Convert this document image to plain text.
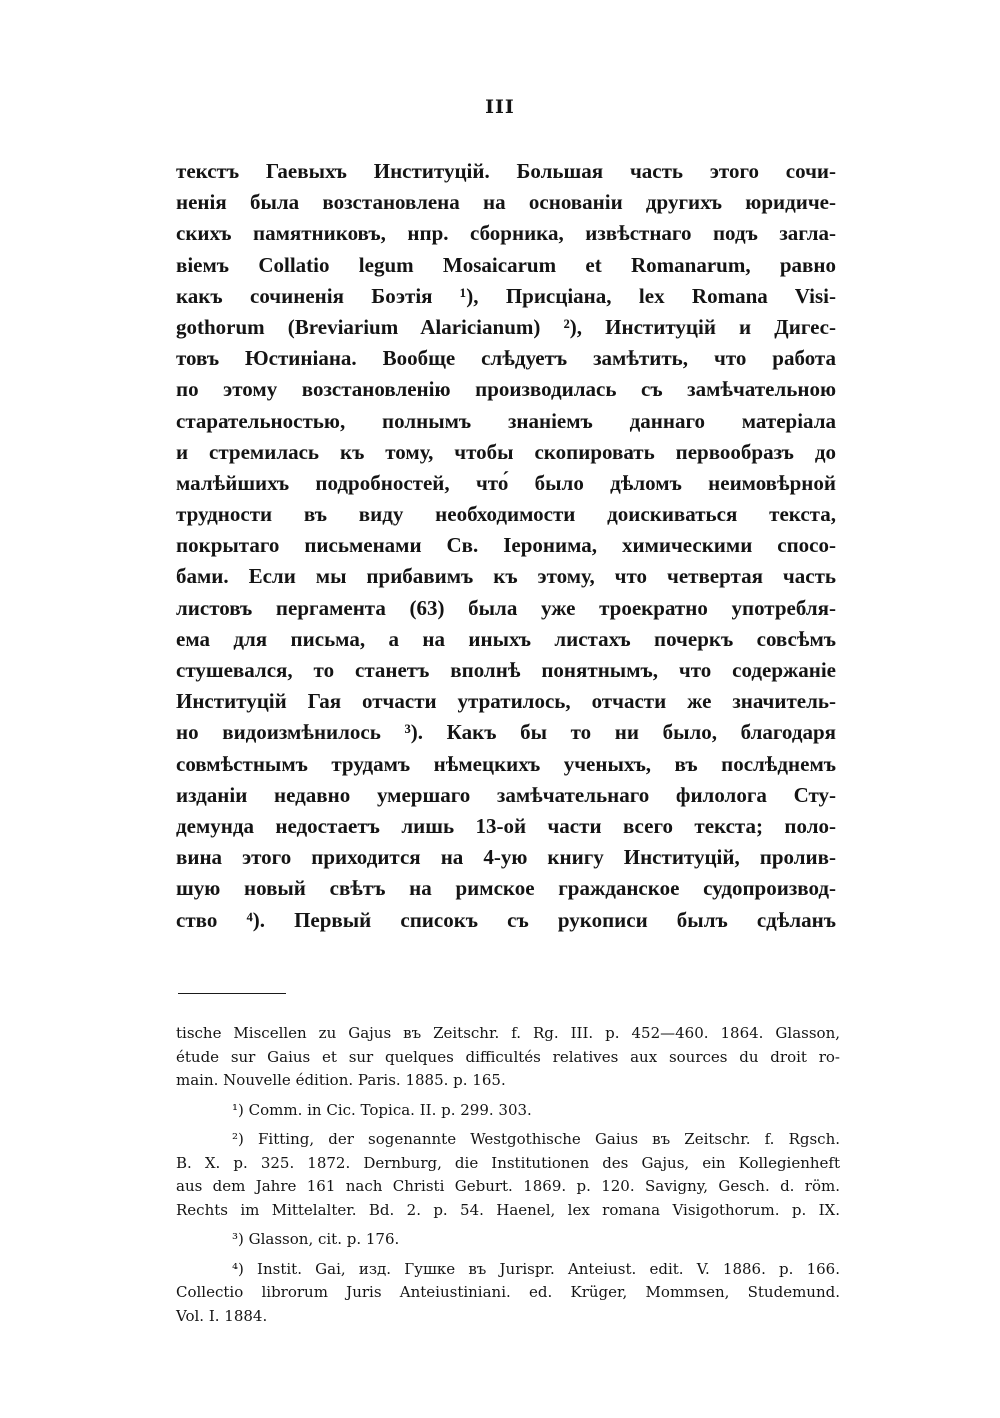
III
текстъ Гаевыхъ Институцій. Большая часть этого сочи-
ненія была возстановлена на основаніи другихъ юридиче-
скихъ памятниковъ, нпр. сборника, извѣстнаго подъ загла-
віемъ Collatio legum Mosaicarum et Romanarum, равно
какъ сочиненія Боэтія ¹), Присціана, lex Romana Visi-
gothorum (Breviarium Alaricianum) ²), Институцій и Дигес-
товъ Юстиніана. Вообще слѣдуетъ замѣтить, что работа
по этому возстановленію производилась съ замѣчательною
старательностью, полнымъ знаніемъ даннаго матеріала
и стремилась къ тому, чтобы скопировать первообразъ до
малѣйшихъ подробностей, что́ было дѣломъ неимовѣрной
трудности въ виду необходимости доискиваться текста,
покрытаго письменами Св. Іеронима, химическими спосо-
бами. Если мы прибавимъ къ этому, что четвертая часть
листовъ пергамента (63) была уже троекратно употребля-
ема для письма, а на иныхъ листахъ почеркъ совсѣмъ
стушевался, то станетъ вполнѣ понятнымъ, что содержаніе
Институцій Гая отчасти утратилось, отчасти же значитель-
но видоизмѣнилось ³). Какъ бы то ни было, благодаря
совмѣстнымъ трудамъ нѣмецкихъ ученыхъ, въ послѣднемъ
изданіи недавно умершаго замѣчательнаго филолога Сту-
демунда недостаетъ лишь 13-ой части всего текста; поло-
вина этого приходится на 4-ую книгу Институцій, пролив-
шую новый свѣтъ на римское гражданское судопроизвод-
ство ⁴). Первый списокъ съ рукописи былъ сдѣланъ
tische Miscellen zu Gajus въ Zeitschr. f. Rg. III. p. 452—460. 1864. Glasson,
étude sur Gaius et sur quelques difficultés relatives aux sources du droit ro-
main. Nouvelle édition. Paris. 1885. p. 165.
¹) Comm. in Cic. Topica. II. p. 299. 303.
²) Fitting, der sogenannte Westgothische Gaius въ Zeitschr. f. Rgsch.
B. X. p. 325. 1872. Dernburg, die Institutionen des Gajus, ein Kollegienheft
aus dem Jahre 161 nach Christi Geburt. 1869. p. 120. Savigny, Gesch. d. röm.
Rechts im Mittelalter. Bd. 2. p. 54. Haenel, lex romana Visigothorum. p. IX.
³) Glasson, cit. p. 176.
⁴) Instit. Gai, изд. Гушке въ Jurispr. Anteiust. edit. V. 1886. p. 166.
Collectio librorum Juris Anteiustiniani. ed. Krüger, Mommsen, Studemund.
Vol. I. 1884.
